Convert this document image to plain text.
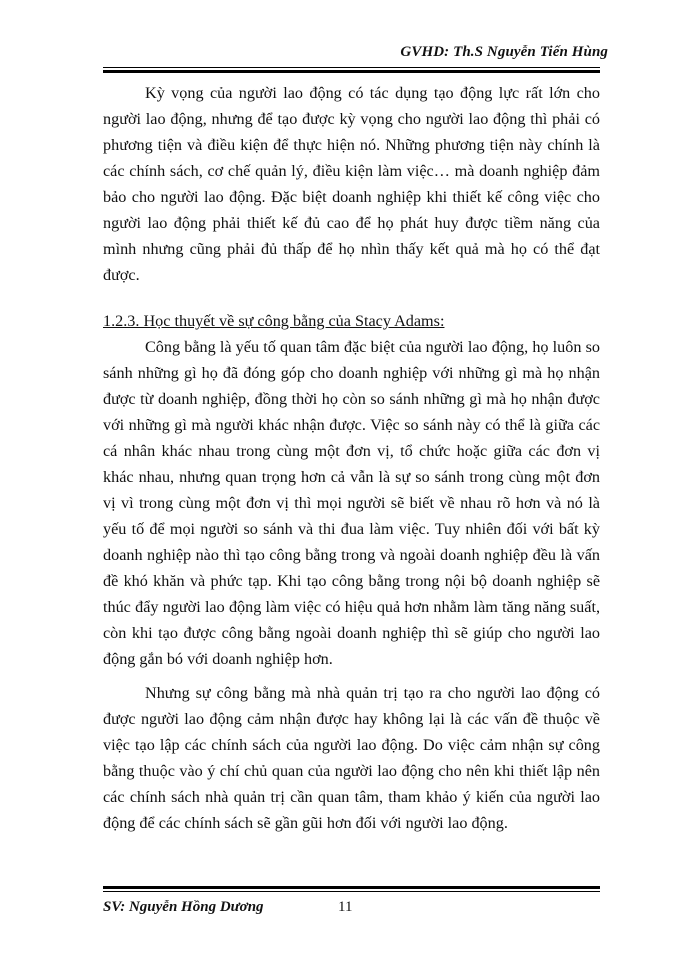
GVHD: Th.S Nguyễn Tiến Hùng

Kỳ vọng của người lao động có tác dụng tạo động lực rất lớn cho người lao động, nhưng để tạo được kỳ vọng cho người lao động thì phải có phương tiện và điều kiện để thực hiện nó. Những phương tiện này chính là các chính sách, cơ chế quản lý, điều kiện làm việc… mà doanh nghiệp đảm bảo cho người lao động. Đặc biệt doanh nghiệp khi thiết kế công việc cho người lao động phải thiết kế đủ cao để họ phát huy được tiềm năng của mình nhưng cũng phải đủ thấp để họ nhìn thấy kết quả mà họ có thể đạt được.

1.2.3. Học thuyết về sự công bằng của Stacy Adams:

Công bằng là yếu tố quan tâm đặc biệt của người lao động, họ luôn so sánh những gì họ đã đóng góp cho doanh nghiệp với những gì mà họ nhận được từ doanh nghiệp, đồng thời họ còn so sánh những gì mà họ nhận được với những gì mà người khác nhận được. Việc so sánh này có thể là giữa các cá nhân khác nhau trong cùng một đơn vị, tổ chức hoặc giữa các đơn vị khác nhau, nhưng quan trọng hơn cả vẫn là sự so sánh trong cùng một đơn vị vì trong cùng một đơn vị thì mọi người sẽ biết về nhau rõ hơn và nó là yếu tố để mọi người so sánh và thi đua làm việc. Tuy nhiên đối với bất kỳ doanh nghiệp nào thì tạo công bằng trong và ngoài doanh nghiệp đều là vấn đề khó khăn và phức tạp. Khi tạo công bằng trong nội bộ doanh nghiệp sẽ thúc đẩy người lao động làm việc có hiệu quả hơn nhằm làm tăng năng suất, còn khi tạo được công bằng ngoài doanh nghiệp thì sẽ giúp cho người lao động gắn bó với doanh nghiệp hơn.

Nhưng sự công bằng mà nhà quản trị tạo ra cho người lao động có được người lao động cảm nhận được hay không lại là các vấn đề thuộc về việc tạo lập các chính sách của người lao động. Do việc cảm nhận sự công bằng thuộc vào ý chí chủ quan của người lao động cho nên khi thiết lập nên các chính sách nhà quản trị cần quan tâm, tham khảo ý kiến của người lao động để các chính sách sẽ gần gũi hơn đối với người lao động.

SV: Nguyễn Hồng Dương	11
